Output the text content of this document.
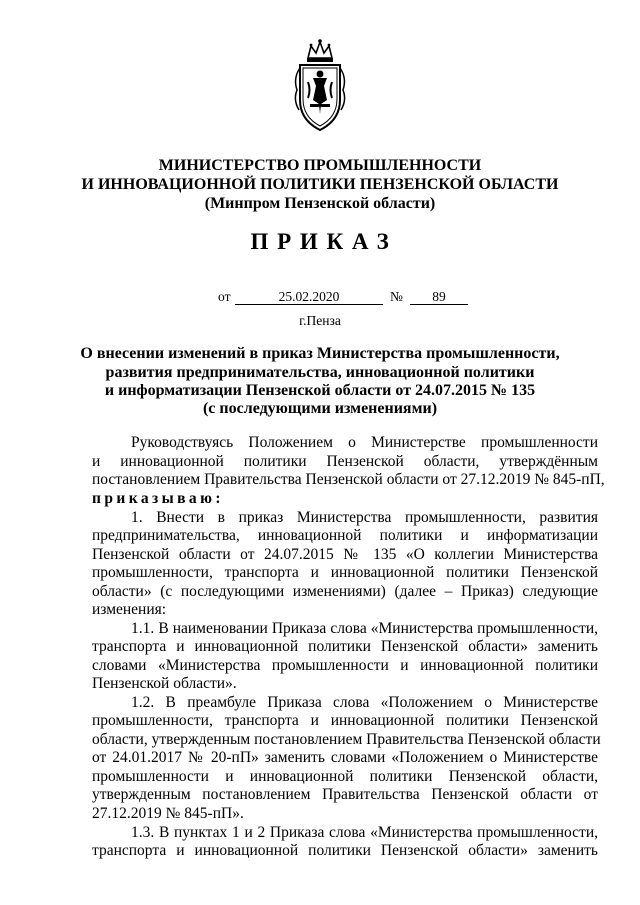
МИНИСТЕРСТВО ПРОМЫШЛЕННОСТИ
И ИННОВАЦИОННОЙ ПОЛИТИКИ ПЕНЗЕНСКОЙ ОБЛАСТИ
(Минпром Пензенской области)
ПРИКАЗ
от	25.02.2020	№	89
г.Пенза
О внесении изменений в приказ Министерства промышленности,
развития предпринимательства, инновационной политики
и информатизации Пензенской области от 24.07.2015 № 135
(с последующими изменениями)
Руководствуясь Положением о Министерстве промышленности
и инновационной политики Пензенской области, утверждённым
постановлением Правительства Пензенской области от 27.12.2019 № 845-пП,
приказываю:
1. Внести в приказ Министерства промышленности, развития
предпринимательства, инновационной политики и информатизации
Пензенской области от 24.07.2015 № 135 «О коллегии Министерства
промышленности, транспорта и инновационной политики Пензенской
области» (с последующими изменениями) (далее – Приказ) следующие
изменения:
1.1. В наименовании Приказа слова «Министерства промышленности,
транспорта и инновационной политики Пензенской области» заменить
словами «Министерства промышленности и инновационной политики
Пензенской области».
1.2. В преамбуле Приказа слова «Положением о Министерстве
промышленности, транспорта и инновационной политики Пензенской
области, утвержденным постановлением Правительства Пензенской области
от 24.01.2017 № 20-пП» заменить словами «Положением о Министерстве
промышленности и инновационной политики Пензенской области,
утвержденным постановлением Правительства Пензенской области от
27.12.2019 № 845-пП».
1.3. В пунктах 1 и 2 Приказа слова «Министерства промышленности,
транспорта и инновационной политики Пензенской области» заменить
